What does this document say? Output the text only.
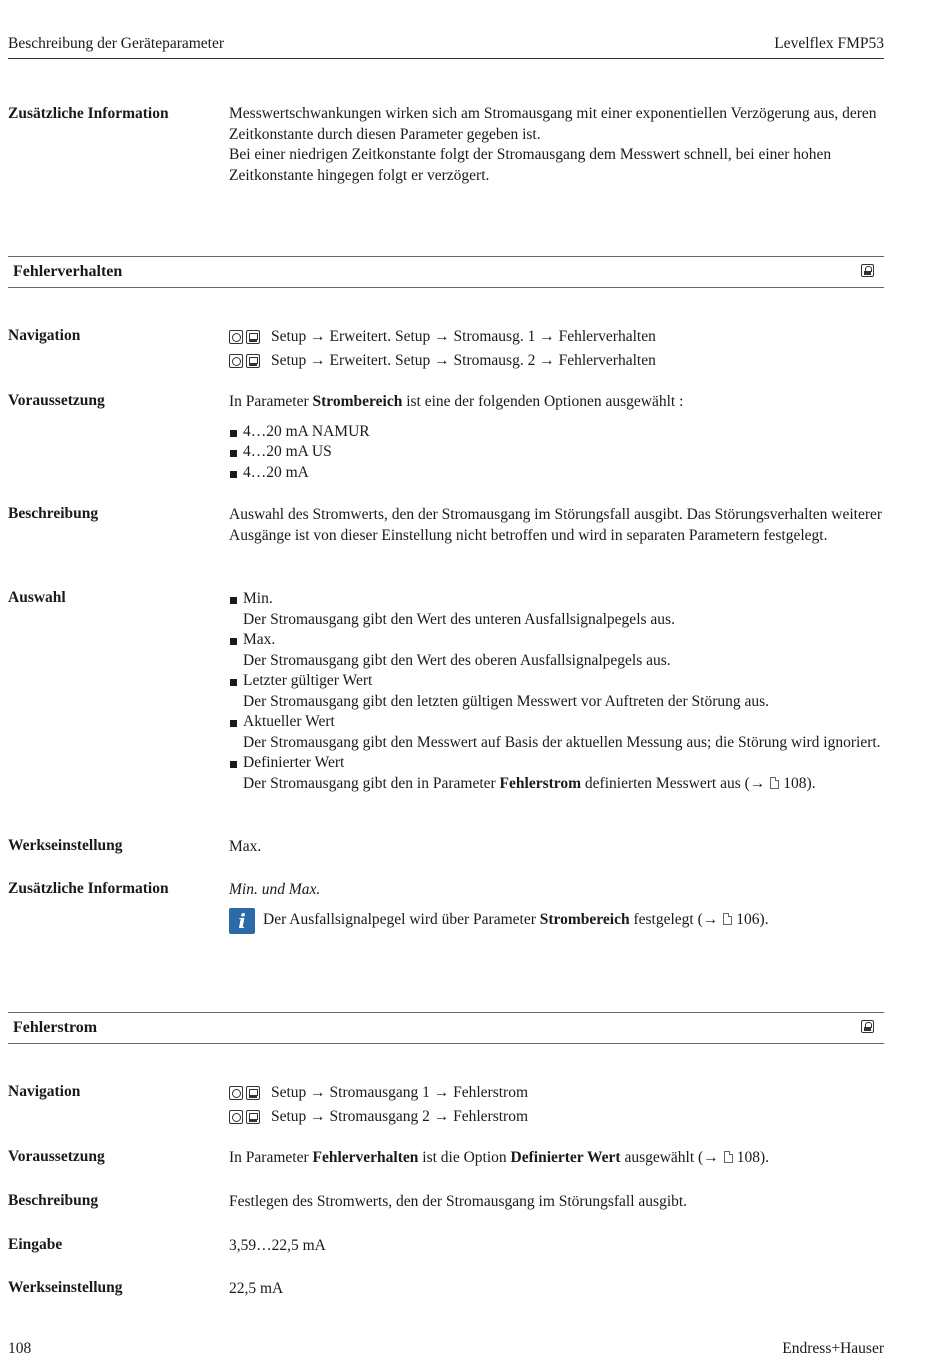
Beschreibung der Geräteparameter	Levelflex FMP53
Zusätzliche Information	Messwertschwankungen wirken sich am Stromausgang mit einer exponentiellen Verzögerung aus, deren Zeitkonstante durch diesen Parameter gegeben ist.

Bei einer niedrigen Zeitkonstante folgt der Stromausgang dem Messwert schnell, bei einer hohen Zeitkonstante hingegen folgt er verzögert.

Fehlerverhalten
Navigation	Setup → Erweitert. Setup → Stromausg. 1 → Fehlerverhalten
Setup → Erweitert. Setup → Stromausg. 2 → Fehlerverhalten
Voraussetzung	In Parameter Strombereich ist eine der folgenden Optionen ausgewählt :

4…20 mA NAMUR
4…20 mA US
4…20 mA
Beschreibung	Auswahl des Stromwerts, den der Stromausgang im Störungsfall ausgibt. Das Störungsverhalten weiterer Ausgänge ist von dieser Einstellung nicht betroffen und wird in separaten Parametern festgelegt.
Auswahl	Min.
Der Stromausgang gibt den Wert des unteren Ausfallsignalpegels aus.
Max.
Der Stromausgang gibt den Wert des oberen Ausfallsignalpegels aus.
Letzter gültiger Wert
Der Stromausgang gibt den letzten gültigen Messwert vor Auftreten der Störung aus.
Aktueller Wert
Der Stromausgang gibt den Messwert auf Basis der aktuellen Messung aus; die Störung wird ignoriert.
Definierter Wert
Der Stromausgang gibt den in Parameter Fehlerstrom definierten Messwert aus (→ 108).
Werkseinstellung	Max.
Zusätzliche Information	Min. und Max.
i	Der Ausfallsignalpegel wird über Parameter Strombereich festgelegt (→ 106).
Fehlerstrom
Navigation	Setup → Stromausgang 1 → Fehlerstrom
Setup → Stromausgang 2 → Fehlerstrom
Voraussetzung	In Parameter Fehlerverhalten ist die Option Definierter Wert ausgewählt (→ 108).
Beschreibung	Festlegen des Stromwerts, den der Stromausgang im Störungsfall ausgibt.
Eingabe	3,59…22,5 mA
Werkseinstellung	22,5 mA
108	Endress+Hauser
